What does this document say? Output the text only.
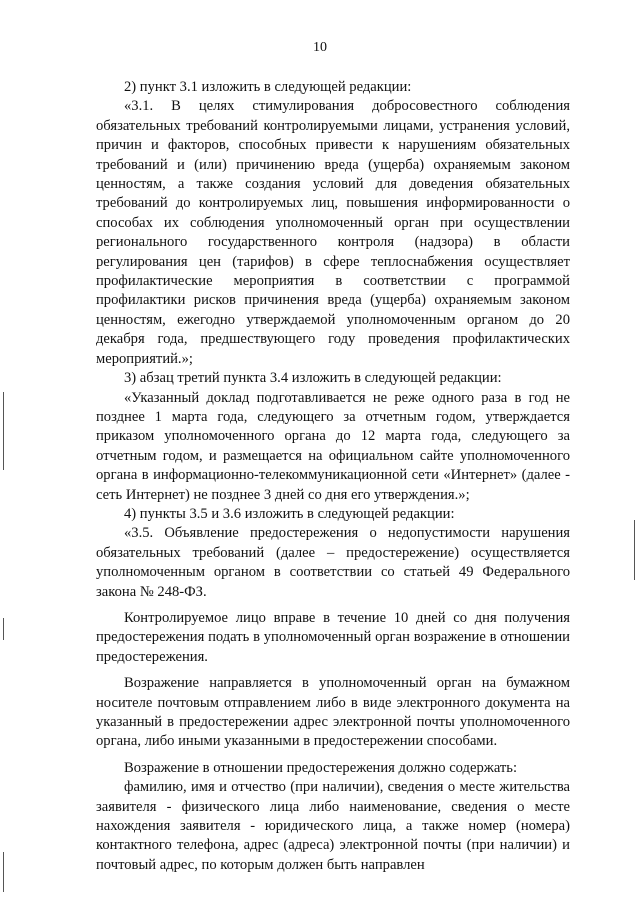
10

2) пункт 3.1 изложить в следующей редакции:

«3.1. В целях стимулирования добросовестного соблюдения обязательных требований контролируемыми лицами, устранения условий, причин и факторов, способных привести к нарушениям обязательных требований и (или) причинению вреда (ущерба) охраняемым законом ценностям, а также создания условий для доведения обязательных требований до контролируемых лиц, повышения информированности о способах их соблюдения уполномоченный орган при осуществлении регионального государственного контроля (надзора) в области регулирования цен (тарифов) в сфере теплоснабжения осуществляет профилактические мероприятия в соответствии с программой профилактики рисков причинения вреда (ущерба) охраняемым законом ценностям, ежегодно утверждаемой уполномоченным органом до 20 декабря года, предшествующего году проведения профилактических мероприятий.»;

3) абзац третий пункта 3.4 изложить в следующей редакции:

«Указанный доклад подготавливается не реже одного раза в год не позднее 1 марта года, следующего за отчетным годом, утверждается приказом уполномоченного органа до 12 марта года, следующего за отчетным годом, и размещается на официальном сайте уполномоченного органа в информационно-телекоммуникационной сети «Интернет» (далее - сеть Интернет) не позднее 3 дней со дня его утверждения.»;

4) пункты 3.5 и 3.6 изложить в следующей редакции:

«3.5. Объявление предостережения о недопустимости нарушения обязательных требований (далее – предостережение) осуществляется уполномоченным органом в соответствии со статьей 49 Федерального закона № 248-ФЗ.

Контролируемое лицо вправе в течение 10 дней со дня получения предостережения подать в уполномоченный орган возражение в отношении предостережения.

Возражение направляется в уполномоченный орган на бумажном носителе почтовым отправлением либо в виде электронного документа на указанный в предостережении адрес электронной почты уполномоченного органа, либо иными указанными в предостережении способами.

Возражение в отношении предостережения должно содержать:

фамилию, имя и отчество (при наличии), сведения о месте жительства заявителя - физического лица либо наименование, сведения о месте нахождения заявителя - юридического лица, а также номер (номера) контактного телефона, адрес (адреса) электронной почты (при наличии) и почтовый адрес, по которым должен быть направлен
